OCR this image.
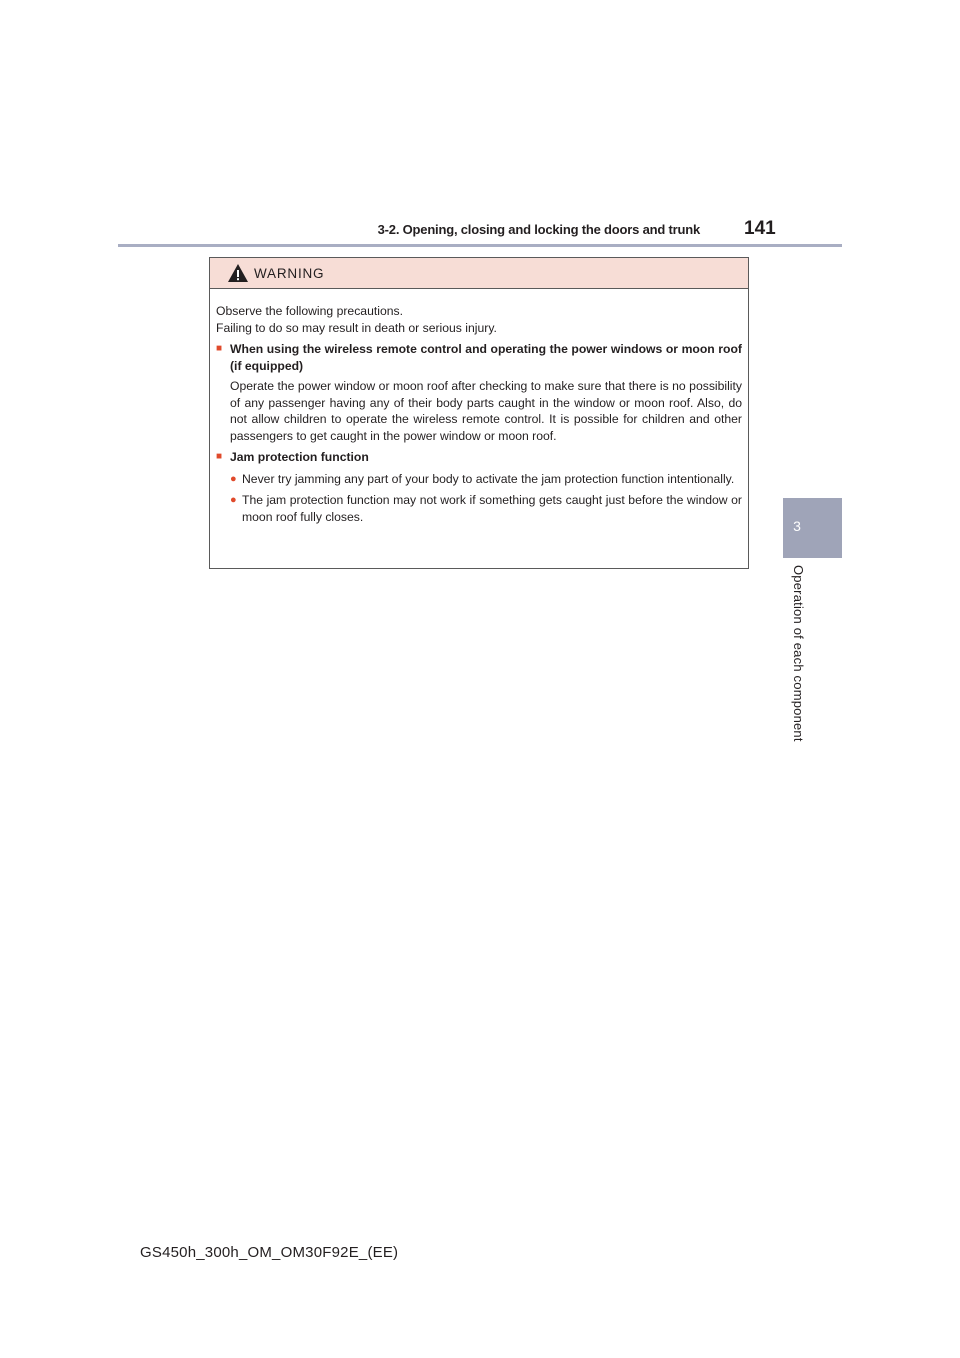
3-2. Opening, closing and locking the doors and trunk 141
3
Operation of each component
WARNING

Observe the following precautions.

Failing to do so may result in death or serious injury.

■ When using the wireless remote control and operating the power windows or moon roof (if equipped)

Operate the power window or moon roof after checking to make sure that there is no possibility of any passenger having any of their body parts caught in the window or moon roof. Also, do not allow children to operate the wireless remote control. It is possible for children and other passengers to get caught in the power window or moon roof.

■ Jam protection function
● Never try jamming any part of your body to activate the jam protection function intentionally.
● The jam protection function may not work if something gets caught just before the window or moon roof fully closes.
GS450h_300h_OM_OM30F92E_(EE)
